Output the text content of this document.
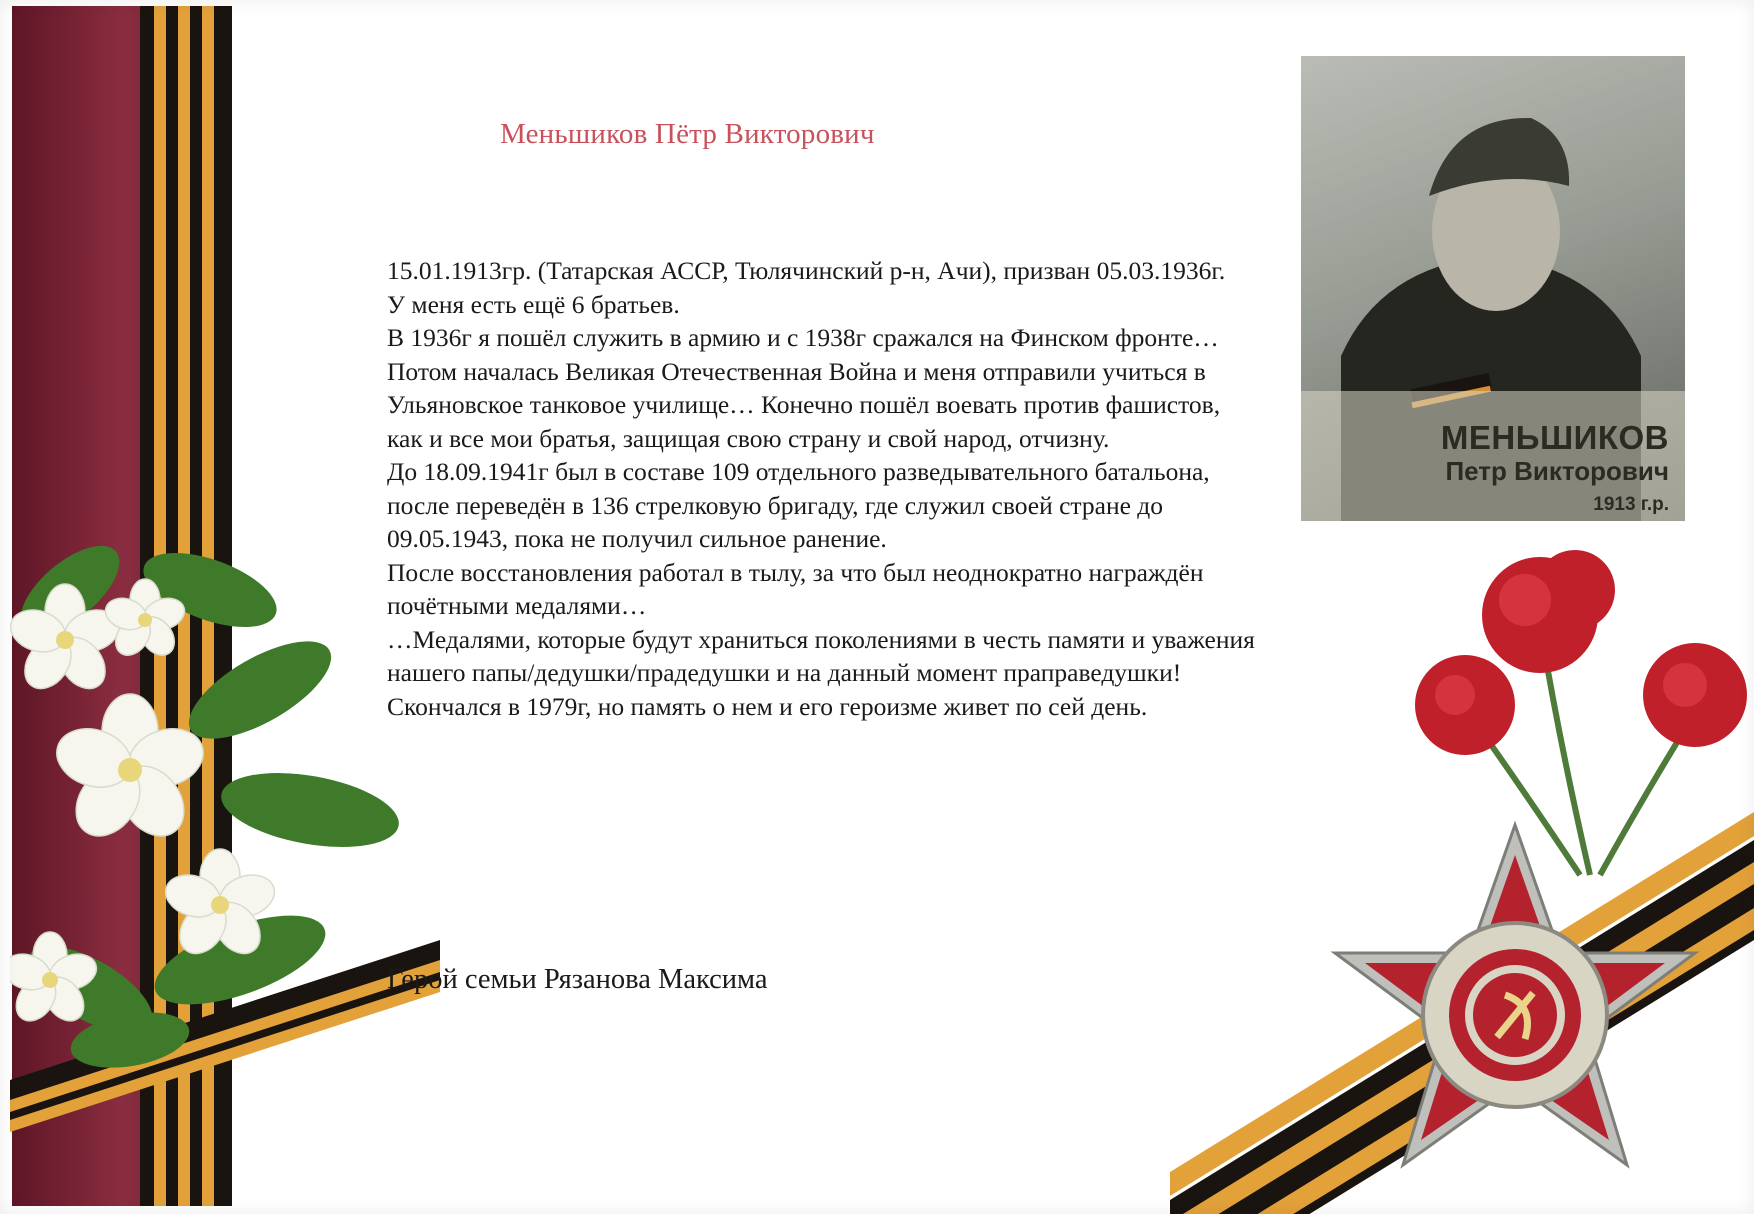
Меньшиков Пётр Викторович

15.01.1913гр. (Татарская АССР, Тюлячинский р-н, Ачи), призван 05.03.1936г.

У меня есть ещё 6 братьев.

В 1936г я пошёл служить в армию и с 1938г сражался на Финском фронте…

Потом началась Великая Отечественная Война и меня отправили учиться в Ульяновское танковое училище… Конечно пошёл воевать против фашистов, как и все мои братья, защищая свою страну и свой народ, отчизну.

До 18.09.1941г был в составе 109 отдельного разведывательного батальона, после переведён в 136 стрелковую бригаду, где служил своей стране до 09.05.1943, пока не получил сильное ранение.

После восстановления работал в тылу, за что был неоднократно награждён почётными медалями…

…Медалями, которые будут храниться поколениями в честь памяти и уважения нашего папы/дедушки/прадедушки и на данный момент праправедушки!

Скончался в 1979г, но память о нем и его героизме живет по сей день.

Герой семьи Рязанова Максима
МЕНЬШИКОВ
Петр Викторович
1913 г.р.
